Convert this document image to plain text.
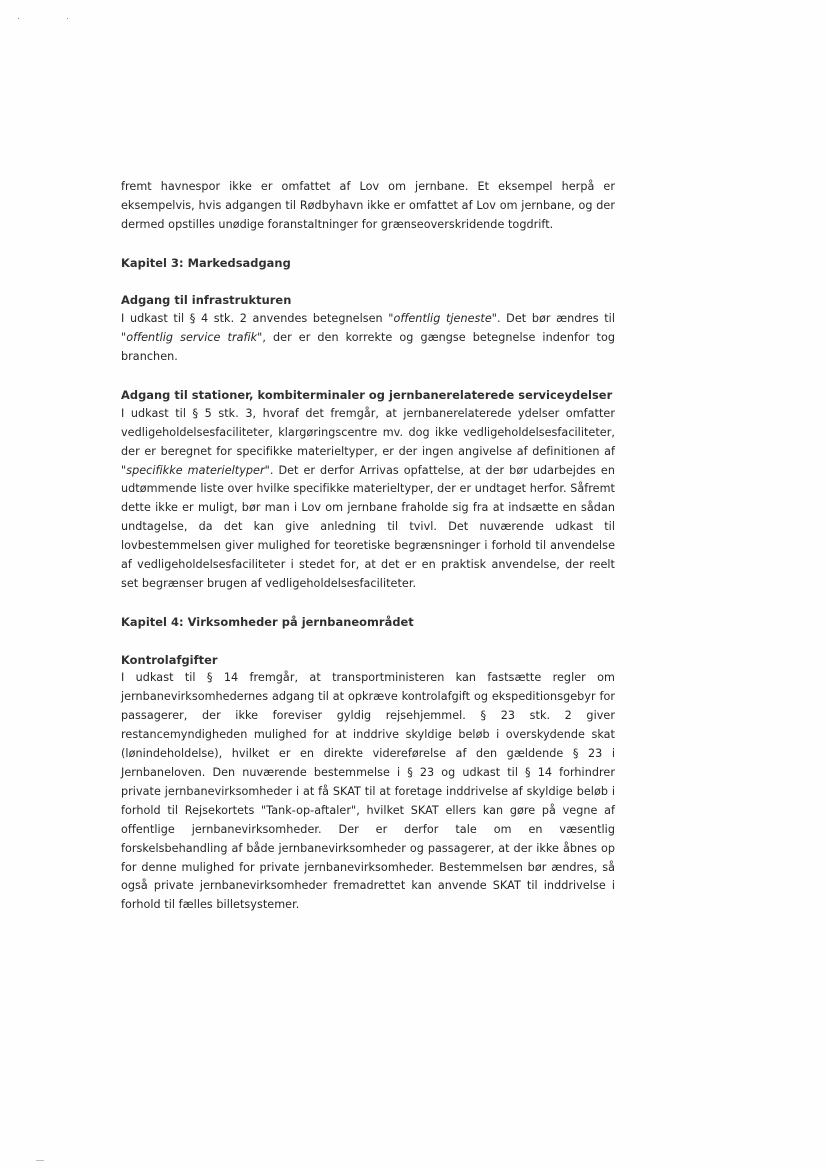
fremt havnespor ikke er omfattet af Lov om jernbane. Et eksempel herpå er eksempelvis, hvis adgangen til Rødbyhavn ikke er omfattet af Lov om jernbane, og der dermed opstilles unødige foranstaltninger for grænseoverskridende togdrift.

Kapitel 3: Markedsadgang

Adgang til infrastrukturen

I udkast til § 4 stk. 2 anvendes betegnelsen "offentlig tjeneste". Det bør ændres til "offentlig service trafik", der er den korrekte og gængse betegnelse indenfor tog branchen.

Adgang til stationer, kombiterminaler og jernbanerelaterede serviceydelser

I udkast til § 5 stk. 3, hvoraf det fremgår, at jernbanerelaterede ydelser omfatter vedligeholdelsesfaciliteter, klargøringscentre mv. dog ikke vedligeholdelsesfaciliteter, der er beregnet for specifikke materieltyper, er der ingen angivelse af definitionen af "specifikke materieltyper". Det er derfor Arrivas opfattelse, at der bør udarbejdes en udtømmende liste over hvilke specifikke materieltyper, der er undtaget herfor. Såfremt dette ikke er muligt, bør man i Lov om jernbane fraholde sig fra at indsætte en sådan undtagelse, da det kan give anledning til tvivl. Det nuværende udkast til lovbestemmelsen giver mulighed for teoretiske begrænsninger i forhold til anvendelse af vedligeholdelsesfaciliteter i stedet for, at det er en praktisk anvendelse, der reelt set begrænser brugen af vedligeholdelsesfaciliteter.

Kapitel 4: Virksomheder på jernbaneområdet

Kontrolafgifter

I udkast til § 14 fremgår, at transportministeren kan fastsætte regler om jernbanevirksomhedernes adgang til at opkræve kontrolafgift og ekspeditionsgebyr for passagerer, der ikke foreviser gyldig rejsehjemmel. § 23 stk. 2 giver restancemyndigheden mulighed for at inddrive skyldige beløb i overskydende skat (lønindeholdelse), hvilket er en direkte videreførelse af den gældende § 23 i Jernbaneloven. Den nuværende bestemmelse i § 23 og udkast til § 14 forhindrer private jernbanevirksomheder i at få SKAT til at foretage inddrivelse af skyldige beløb i forhold til Rejsekortets "Tank-op-aftaler", hvilket SKAT ellers kan gøre på vegne af offentlige jernbanevirksomheder. Der er derfor tale om en væsentlig forskelsbehandling af både jernbanevirksomheder og passagerer, at der ikke åbnes op for denne mulighed for private jernbanevirksomheder. Bestemmelsen bør ændres, så også private jernbanevirksomheder fremadrettet kan anvende SKAT til inddrivelse i forhold til fælles billetsystemer.
